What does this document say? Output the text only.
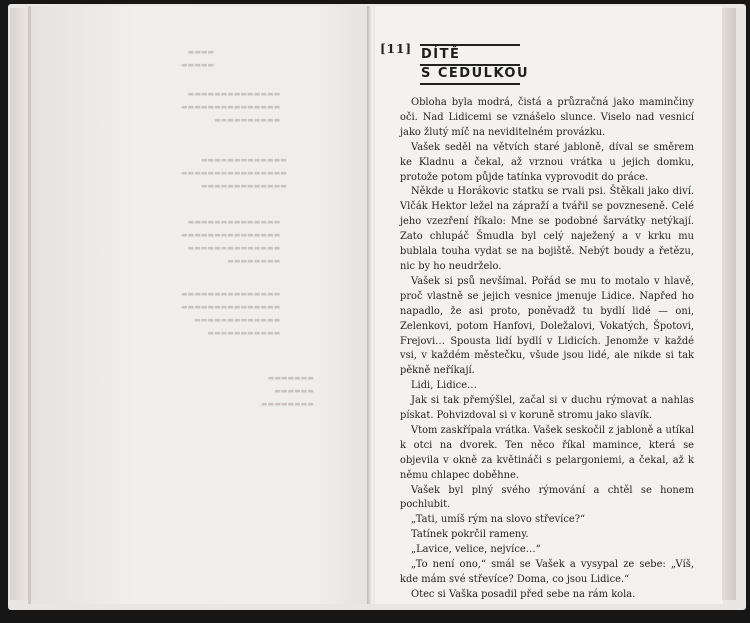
▬▬▬▬
▬▬▬▬▬
▬▬▬▬▬▬▬▬▬▬▬▬▬▬
▬▬▬▬▬▬▬▬▬▬▬▬▬▬▬
▬▬▬▬▬▬▬▬▬▬
▬▬▬▬▬▬▬▬▬▬▬▬▬
▬▬▬▬▬▬▬▬▬▬▬▬▬▬▬▬
▬▬▬▬▬▬▬▬▬▬▬▬▬
▬▬▬▬▬▬▬▬▬▬▬▬▬▬
▬▬▬▬▬▬▬▬▬▬▬▬▬▬▬
▬▬▬▬▬▬▬▬▬▬▬▬▬▬
▬▬▬▬▬▬▬▬
▬▬▬▬▬▬▬▬▬▬▬▬▬▬▬
▬▬▬▬▬▬▬▬▬▬▬▬▬▬▬
▬▬▬▬▬▬▬▬▬▬▬▬▬
▬▬▬▬▬▬▬▬▬▬▬
▬▬▬▬▬▬▬
▬▬▬▬▬▬
▬▬▬▬▬▬▬▬
[11] DÍTĚ
S CEDULKOU

Obloha byla modrá, čistá a průzračná jako maminčiny oči. Nad Lidicemi se vznášelo slunce. Viselo nad vesnicí jako žlutý míč na neviditelném provázku.

Vašek seděl na větvích staré jabloně, díval se směrem ke Kladnu a čekal, až vrznou vrátka u jejich domku, protože potom půjde tatínka vyprovodit do práce.

Někde u Horákovic statku se rvali psi. Štěkali jako diví. Vlčák Hektor ležel na zápraží a tvářil se povzneseně. Celé jeho vzezření říkalo: Mne se podobné šarvátky netýkají. Zato chlupáč Šmudla byl celý naježený a v krku mu bublala touha vydat se na bojiště. Nebýt boudy a řetězu, nic by ho neudrželo.

Vašek si psů nevšímal. Pořád se mu to motalo v hlavě, proč vlastně se jejich vesnice jmenuje Lidice. Napřed ho napadlo, že asi proto, poněvadž tu bydlí lidé — oni, Zelenkovi, potom Hanfovi, Doležalovi, Vokatých, Špotovi, Frejovi… Spousta lidí bydlí v Lidicích. Jenomže v každé vsi, v každém městečku, všude jsou lidé, ale nikde si tak pěkně neříkají.

Lidi, Lidice…

Jak si tak přemýšlel, začal si v duchu rýmovat a nahlas pískat. Pohvizdoval si v koruně stromu jako slavík.

Vtom zaskřípala vrátka. Vašek seskočil z jabloně a utíkal k otci na dvorek. Ten něco říkal mamince, která se objevila v okně za květináči s pelargoniemi, a čekal, až k němu chlapec doběhne.

Vašek byl plný svého rýmování a chtěl se honem pochlubit.

„Tati, umíš rým na slovo střevíce?“

Tatínek pokrčil rameny.

„Lavice, velice, nejvíce…“

„To není ono,“ smál se Vašek a vysypal ze sebe: „Víš, kde mám své střevíce? Doma, co jsou Lidice.“

Otec si Vaška posadil před sebe na rám kola.
